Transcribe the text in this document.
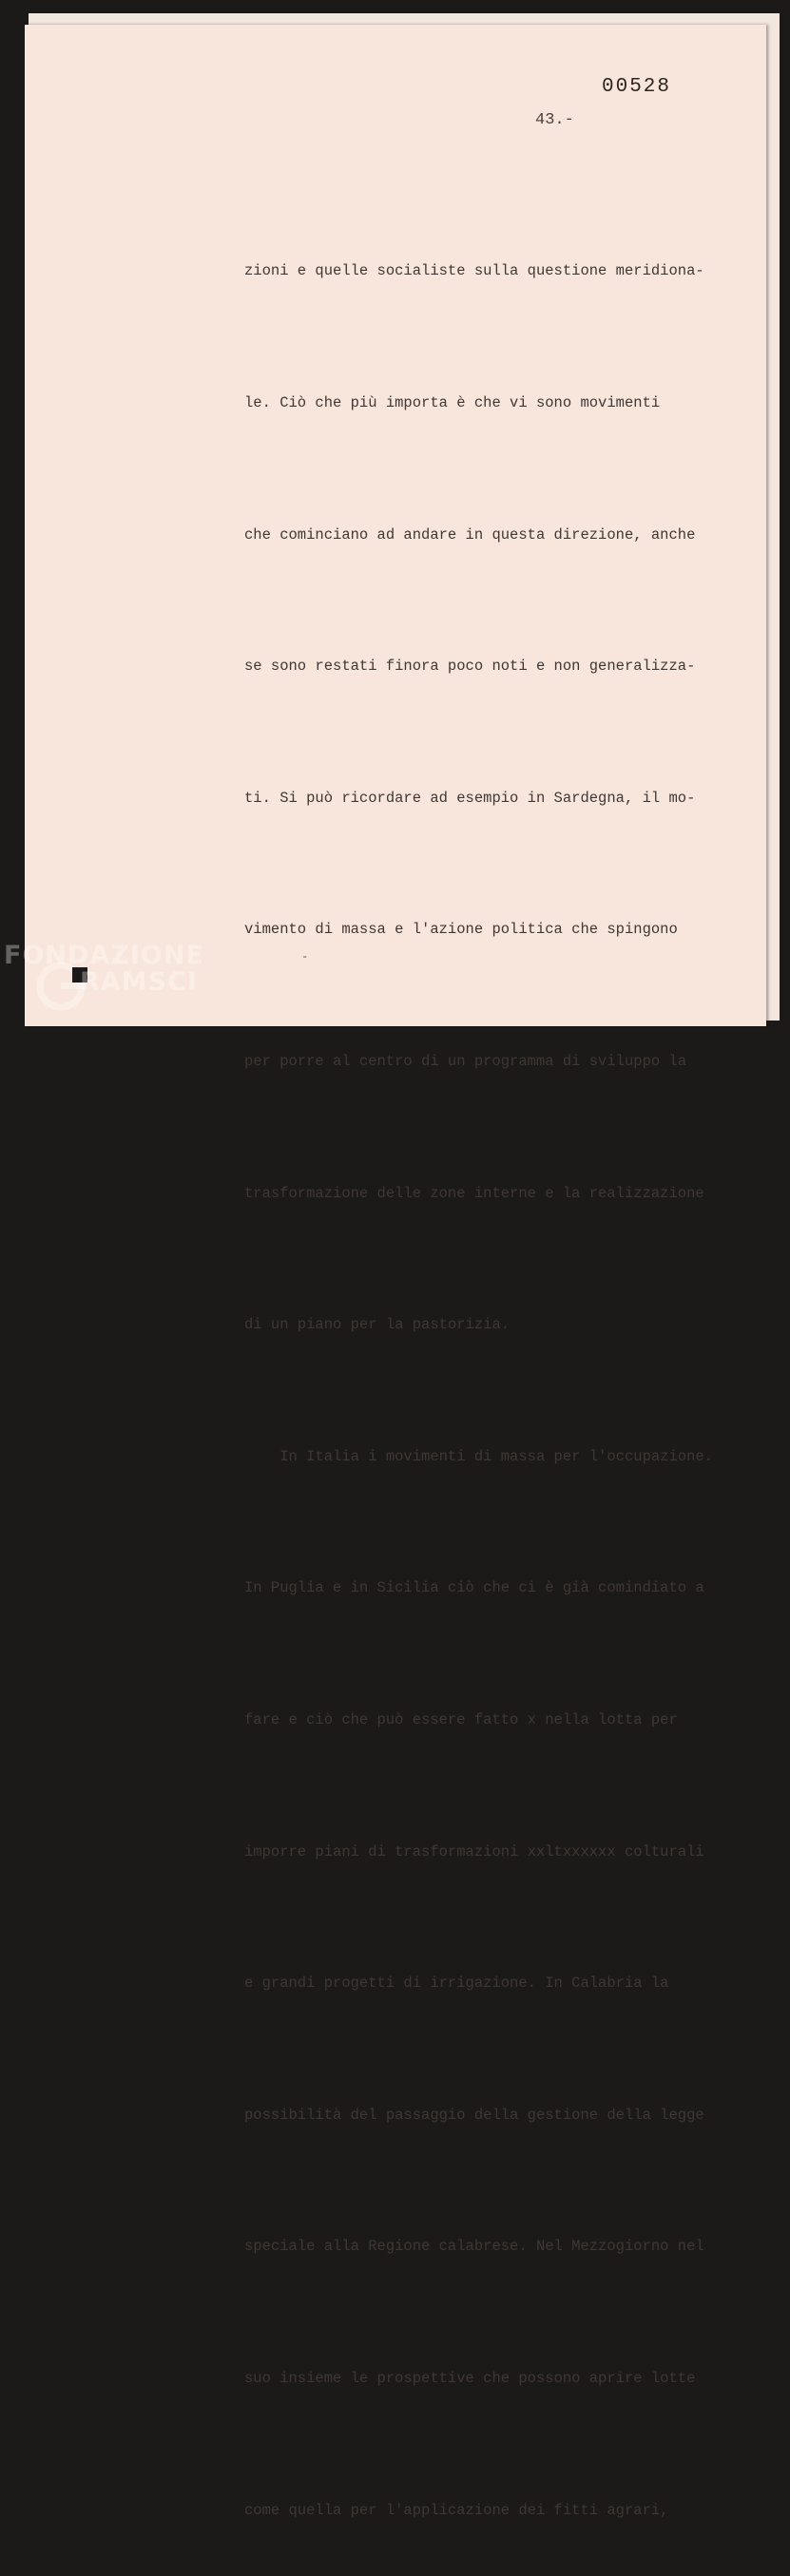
00528
43.-

zioni e quelle socialiste sulla questione meridiona-

le. Ciò che più importa è che vi sono movimenti

che cominciano ad andare in questa direzione, anche

se sono restati finora poco noti e non generalizza-

ti. Si può ricordare ad esempio in Sardegna, il mo-

vimento di massa e l'azione politica che spingono

per porre al centro di un programma di sviluppo la

trasformazione delle zone interne e la realizzazione

di un piano per la pastorizia.

In Italia i movimenti di massa per l'occupazione.

In Puglia e in Sicilia ciò che ci è già comindiato a

fare e ciò che può essere fatto x nella lotta per

imporre piani di trasformazioni xxltxxxxxx colturali

e grandi progetti di irrigazione. In Calabria la

possibilità del passaggio della gestione della legge

speciale alla Regione calabrese. Nel Mezzogiorno nel

suo insieme le prospettive che possono aprire lotte

come quella per l'applicazione dei fitti agrari,

-
FONDAZIONE
RAMSCI
